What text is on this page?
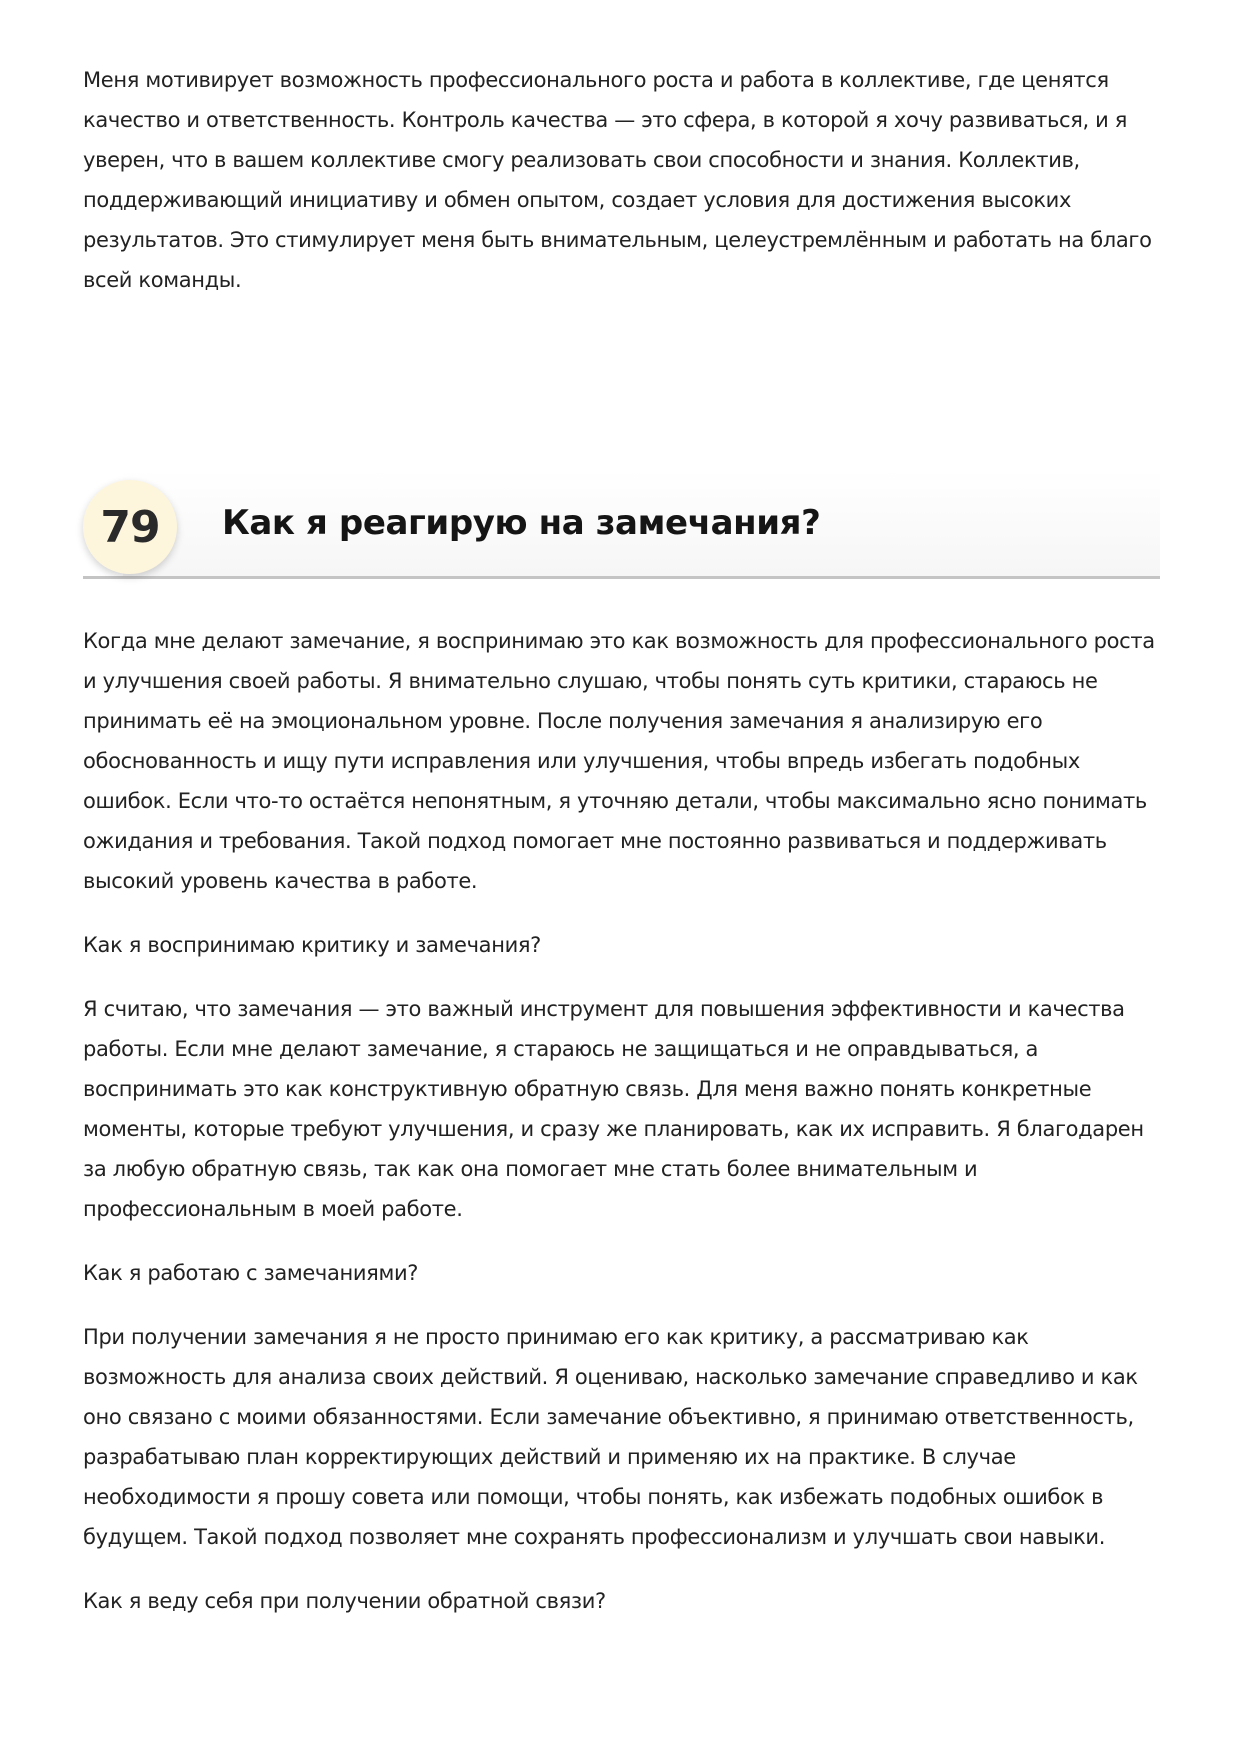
Меня мотивирует возможность профессионального роста и работа в коллективе, где ценятся качество и ответственность. Контроль качества — это сфера, в которой я хочу развиваться, и я уверен, что в вашем коллективе смогу реализовать свои способности и знания. Коллектив, поддерживающий инициативу и обмен опытом, создает условия для достижения высоких результатов. Это стимулирует меня быть внимательным, целеустремлённым и работать на благо всей команды.

79	Как я реагирую на замечания?

Когда мне делают замечание, я воспринимаю это как возможность для профессионального роста и улучшения своей работы. Я внимательно слушаю, чтобы понять суть критики, стараюсь не принимать её на эмоциональном уровне. После получения замечания я анализирую его обоснованность и ищу пути исправления или улучшения, чтобы впредь избегать подобных ошибок. Если что-то остаётся непонятным, я уточняю детали, чтобы максимально ясно понимать ожидания и требования. Такой подход помогает мне постоянно развиваться и поддерживать высокий уровень качества в работе.

Как я воспринимаю критику и замечания?

Я считаю, что замечания — это важный инструмент для повышения эффективности и качества работы. Если мне делают замечание, я стараюсь не защищаться и не оправдываться, а воспринимать это как конструктивную обратную связь. Для меня важно понять конкретные моменты, которые требуют улучшения, и сразу же планировать, как их исправить. Я благодарен за любую обратную связь, так как она помогает мне стать более внимательным и профессиональным в моей работе.

Как я работаю с замечаниями?

При получении замечания я не просто принимаю его как критику, а рассматриваю как возможность для анализа своих действий. Я оцениваю, насколько замечание справедливо и как оно связано с моими обязанностями. Если замечание объективно, я принимаю ответственность, разрабатываю план корректирующих действий и применяю их на практике. В случае необходимости я прошу совета или помощи, чтобы понять, как избежать подобных ошибок в будущем. Такой подход позволяет мне сохранять профессионализм и улучшать свои навыки.

Как я веду себя при получении обратной связи?
